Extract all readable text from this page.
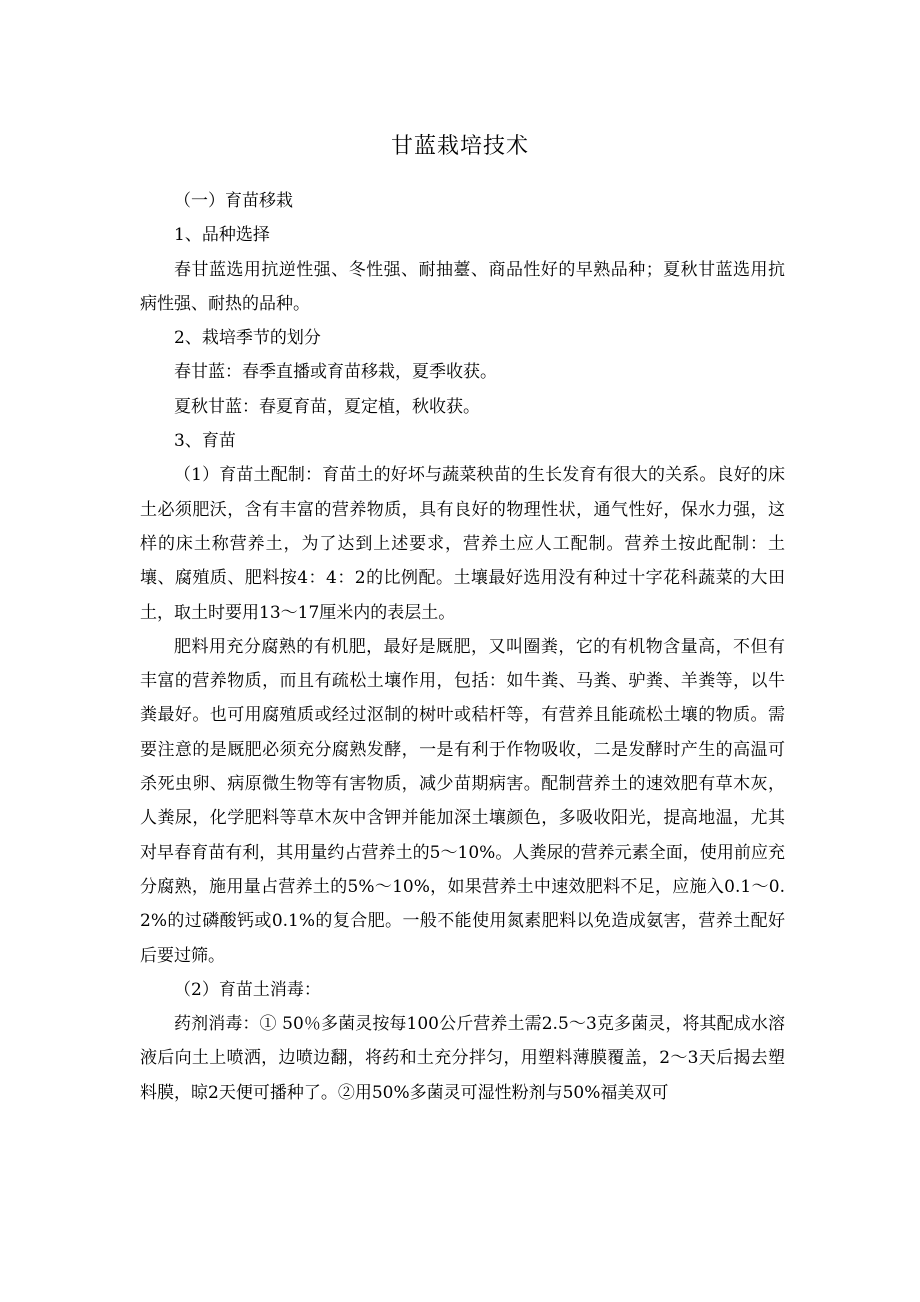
甘蓝栽培技术

（一）育苗移栽

1、品种选择

春甘蓝选用抗逆性强、冬性强、耐抽薹、商品性好的早熟品种；夏秋甘蓝选用抗病性强、耐热的品种。

2、栽培季节的划分

春甘蓝：春季直播或育苗移栽，夏季收获。

夏秋甘蓝：春夏育苗，夏定植，秋收获。

3、育苗

（1）育苗土配制：育苗土的好坏与蔬菜秧苗的生长发育有很大的关系。良好的床土必须肥沃，含有丰富的营养物质，具有良好的物理性状，通气性好，保水力强，这样的床土称营养土，为了达到上述要求，营养土应人工配制。营养土按此配制：土壤、腐殖质、肥料按4：4：2的比例配。土壤最好选用没有种过十字花科蔬菜的大田土，取土时要用13～17厘米内的表层土。

肥料用充分腐熟的有机肥，最好是厩肥，又叫圈粪，它的有机物含量高，不但有丰富的营养物质，而且有疏松土壤作用，包括：如牛粪、马粪、驴粪、羊粪等，以牛粪最好。也可用腐殖质或经过沤制的树叶或秸杆等，有营养且能疏松土壤的物质。需要注意的是厩肥必须充分腐熟发酵，一是有利于作物吸收，二是发酵时产生的高温可杀死虫卵、病原微生物等有害物质，减少苗期病害。配制营养土的速效肥有草木灰，人粪尿，化学肥料等草木灰中含钾并能加深土壤颜色，多吸收阳光，提高地温，尤其对早春育苗有利，其用量约占营养土的5～10%。人粪尿的营养元素全面，使用前应充分腐熟，施用量占营养土的5%～10%，如果营养土中速效肥料不足，应施入0.1～0.2%的过磷酸钙或0.1%的复合肥。一般不能使用氮素肥料以免造成氨害，营养土配好后要过筛。

（2）育苗土消毒：

药剂消毒：① 50％多菌灵按每100公斤营养土需2.5～3克多菌灵，将其配成水溶液后向土上喷洒，边喷边翻，将药和土充分拌匀，用塑料薄膜覆盖，2～3天后揭去塑料膜，晾2天便可播种了。②用50%多菌灵可湿性粉剂与50%福美双可
